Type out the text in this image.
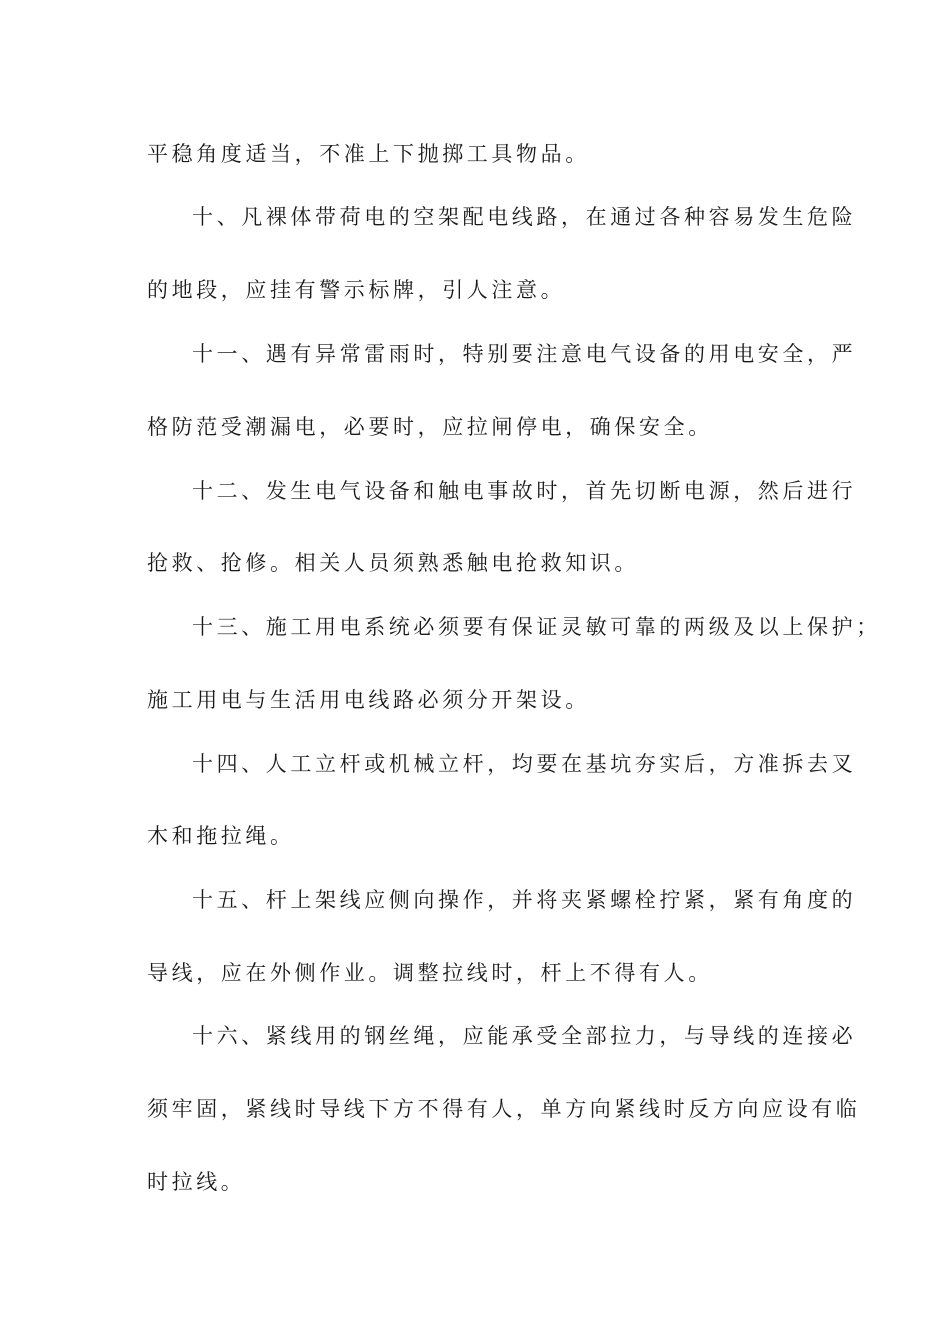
平稳角度适当，不准上下抛掷工具物品。
十、凡裸体带荷电的空架配电线路，在通过各种容易发生危险
的地段，应挂有警示标牌，引人注意。
十一、遇有异常雷雨时，特别要注意电气设备的用电安全，严
格防范受潮漏电，必要时，应拉闸停电，确保安全。
十二、发生电气设备和触电事故时，首先切断电源，然后进行
抢救、抢修。相关人员须熟悉触电抢救知识。
十三、施工用电系统必须要有保证灵敏可靠的两级及以上保护；
施工用电与生活用电线路必须分开架设。
十四、人工立杆或机械立杆，均要在基坑夯实后，方准拆去叉
木和拖拉绳。
十五、杆上架线应侧向操作，并将夹紧螺栓拧紧，紧有角度的
导线，应在外侧作业。调整拉线时，杆上不得有人。
十六、紧线用的钢丝绳，应能承受全部拉力，与导线的连接必
须牢固，紧线时导线下方不得有人，单方向紧线时反方向应设有临
时拉线。
